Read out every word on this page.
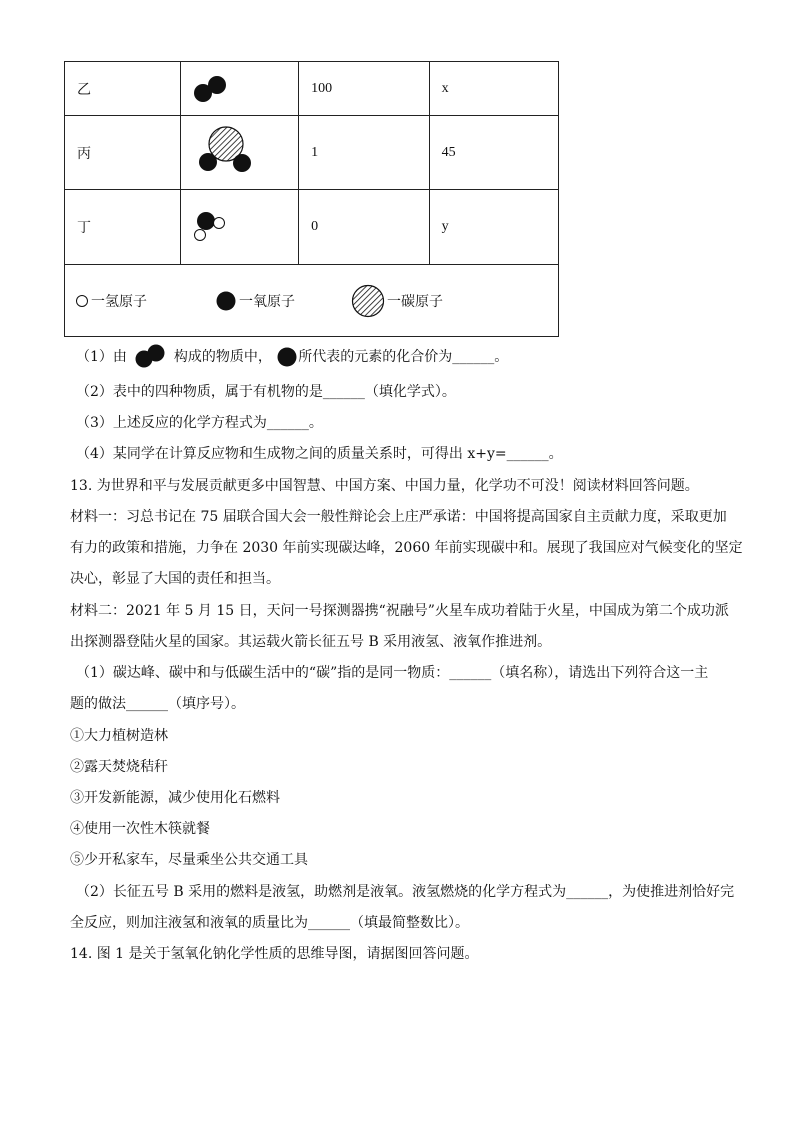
乙		100	x
丙		1	45
丁		0	y

一氢原子 一氧原子 一碳原子			
（1）由	构成的物质中， 所代表的元素的化合价为______。
（2）表中的四种物质，属于有机物的是______（填化学式）。
（3）上述反应的化学方程式为______。
（4）某同学在计算反应物和生成物之间的质量关系时，可得出 x+y=______。
13. 为世界和平与发展贡献更多中国智慧、中国方案、中国力量，化学功不可没！阅读材料回答问题。
材料一：习总书记在 75 届联合国大会一般性辩论会上庄严承诺：中国将提高国家自主贡献力度，采取更加
有力的政策和措施，力争在 2030 年前实现碳达峰，2060 年前实现碳中和。展现了我国应对气候变化的坚定
决心，彰显了大国的责任和担当。
材料二：2021 年 5 月 15 日，天问一号探测器携“祝融号”火星车成功着陆于火星，中国成为第二个成功派
出探测器登陆火星的国家。其运载火箭长征五号 B 采用液氢、液氧作推进剂。
（1）碳达峰、碳中和与低碳生活中的“碳”指的是同一物质：______（填名称），请选出下列符合这一主
题的做法______（填序号）。
①大力植树造林
②露天焚烧秸秆
③开发新能源，减少使用化石燃料
④使用一次性木筷就餐
⑤少开私家车，尽量乘坐公共交通工具
（2）长征五号 B 采用的燃料是液氢，助燃剂是液氧。液氢燃烧的化学方程式为______，为使推进剂恰好完
全反应，则加注液氢和液氧的质量比为______（填最简整数比）。
14. 图 1 是关于氢氧化钠化学性质的思维导图，请据图回答问题。
